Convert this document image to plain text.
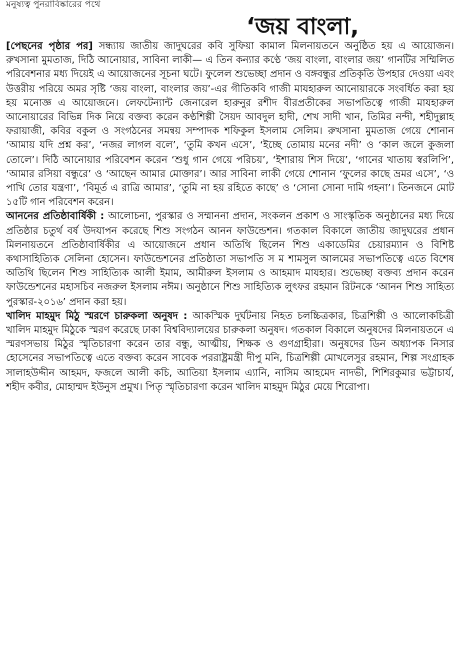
মনুষ্যত্ব পুনরাবিষ্কারের পথে
‘জয় বাংলা,

[পেছনের পৃষ্ঠার পর] সন্ধ্যায় জাতীয় জাদুঘরের কবি সুফিয়া কামাল মিলনায়তনে অনুষ্ঠিত হয় এ আয়োজন। রুখসানা মুমতাজ, দিঠি আনোয়ার, সাবিনা লাকী— এ তিন কন্যার কণ্ঠে ‘জয় বাংলা, বাংলার জয়’ গানটির সম্মিলিত পরিবেশনার মধ্য দিয়েই এ আয়োজনের সূচনা ঘটে। ফুলেল শুভেচ্ছা প্রদান ও বঙ্গবন্ধুর প্রতিকৃতি উপহার দেওয়া এবং উত্তরীয় পরিয়ে অমর সৃষ্টি ‘জয় বাংলা, বাংলার জয়’-এর গীতিকবি গাজী মাযহারুল আনোয়ারকে সংবর্ধিত করা হয় হয় মনোজ্ঞ এ আয়োজনে। লেফটেন্যান্ট জেনারেল হারুনুর রশীদ বীরপ্রতীকের সভাপতিত্বে গাজী মাযহারুল আনোয়ারের বিভিন্ন দিক নিয়ে বক্তব্য করেন কণ্ঠশিল্পী সৈয়দ আবদুল হাদী, শেখ সাদী খান, তিমির নন্দী, শহীদুল্লাহ ফরায়াজী, কবির বকুল ও সংগঠনের সমন্বয় সম্পাদক শফিকুল ইসলাম সেলিম। রুখসানা মুমতাজ গেয়ে শোনান ‘আমায় যদি প্রশ্ন কর’, ‘নজর লাগল বলে’, ‘তুমি কখন এসে’, ‘ইচ্ছে তোমায় মনের নদী’ ও ‘কাল জলে কুজলা তোলে’। দিঠি আনোয়ার পরিবেশন করেন ‘শুধু গান গেয়ে পরিচয়’, ‘ইশারায় শিস দিয়ে’, ‘গানের খাতায় স্বরলিপি’, ‘আমার রসিয়া বন্ধুরে’ ও ‘আছেন আমার মোক্তার’। আর সাবিনা লাকী গেয়ে শোনান ‘ফুলের কাছে ভ্রমর এসে’, ‘ও পাখি তোর যন্ত্রণা’, ‘বিমূর্ত এ রাত্রি আমার’, ‘তুমি না হয় রহিতে কাছে’ ও ‘সোনা সোনা দামি গহনা’। তিনজনে মোট ১৫টি গান পরিবেশন করেন।

আননের প্রতিষ্ঠাবার্ষিকী : আলোচনা, পুরস্কার ও সম্মাননা প্রদান, সংকলন প্রকাশ ও সাংস্কৃতিক অনুষ্ঠানের মধ্য দিয়ে প্রতিষ্ঠার চতুর্থ বর্ষ উদযাপন করেছে শিশু সংগঠন আনন ফাউন্ডেশন। গতকাল বিকালে জাতীয় জাদুঘরের প্রধান মিলনায়তনে প্রতিষ্ঠাবার্ষিকীর এ আয়োজনে প্রধান অতিথি ছিলেন শিশু একাডেমির চেয়ারম্যান ও বিশিষ্ট কথাসাহিত্যিক সেলিনা হোসেন। ফাউন্ডেশনের প্রতিষ্ঠাতা সভাপতি স ম শামসুল আলমের সভাপতিত্বে এতে বিশেষ অতিথি ছিলেন শিশু সাহিত্যিক আলী ইমাম, আমীরুল ইসলাম ও আহমাদ মাযহার। শুভেচ্ছা বক্তব্য প্রদান করেন ফাউন্ডেশনের মহাসচিব নজরুল ইসলাম নঈম। অনুষ্ঠানে শিশু সাহিত্যিক লুৎফর রহমান রিটনকে ‘আনন শিশু সাহিত্য পুরস্কার-২০১৬’ প্রদান করা হয়।

খালিদ মাহমুদ মিঠু স্মরণে চারুকলা অনুষদ : আকস্মিক দুর্ঘটনায় নিহত চলচ্চিত্রকার, চিত্রশিল্পী ও আলোকচিত্রী খালিদ মাহমুদ মিঠুকে স্মরণ করেছে ঢাকা বিশ্ববিদ্যালয়ের চারুকলা অনুষদ। গতকাল বিকালে অনুষদের মিলনায়তনে এ স্মরণসভায় মিঠুর স্মৃতিচারণা করেন তার বন্ধু, আত্মীয়, শিক্ষক ও গুণগ্রাহীরা। অনুষদের ডিন অধ্যাপক নিসার হোসেনের সভাপতিত্বে এতে বক্তব্য করেন সাবেক পররাষ্ট্রমন্ত্রী দীপু মনি, চিত্রশিল্পী মোখলেসুর রহমান, শিল্প সংগ্রাহক সালাহউদ্দীন আহমদ, ফজলে আলী কচি, আতিয়া ইসলাম এ্যানি, নাসিম আহমেদ নাদভী, শিশিরকুমার ভট্টাচার্য, শহীদ কবীর, মোহাম্মদ ইউনুস প্রমুখ। পিতৃ স্মৃতিচারণা করেন খালিদ মাহমুদ মিঠুর মেয়ে শিরোপা।
